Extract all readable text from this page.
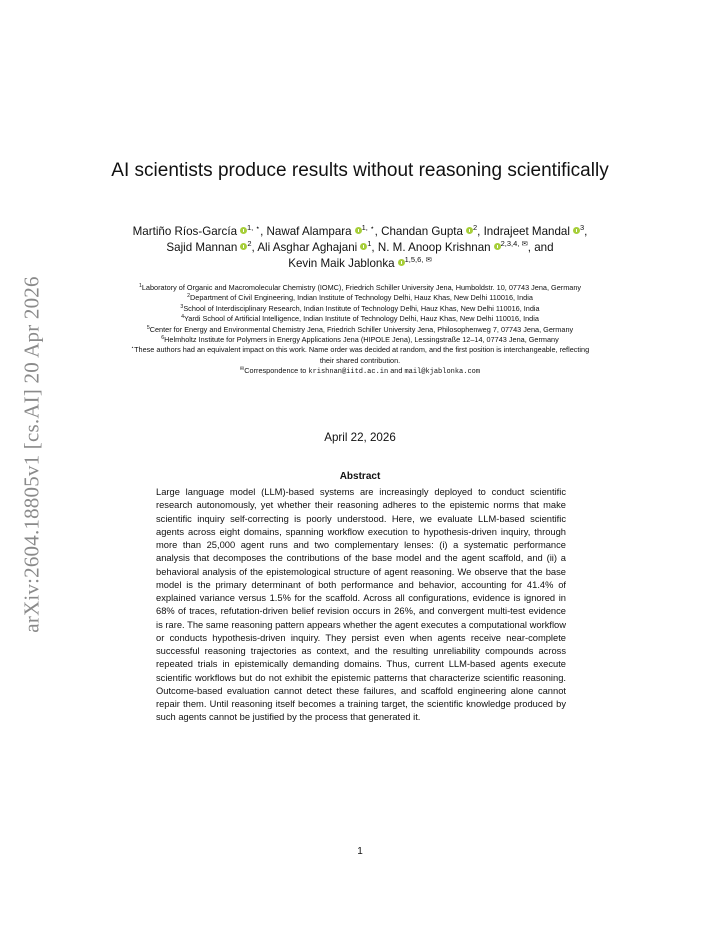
arXiv:2604.18805v1 [cs.AI] 20 Apr 2026
AI scientists produce results without reasoning scientifically
Martiño Ríos-García $^{1, ⋆}$, Nawaf Alampara $^{1, ⋆}$, Chandan Gupta $^2$, Indrajeet Mandal $^3$, Sajid Mannan $^2$, Ali Asghar Aghajani $^1$, N. M. Anoop Krishnan $^{2,3,4, ✉}$, and Kevin Maik Jablonka $^{1,5,6, ✉}$
$^1$Laboratory of Organic and Macromolecular Chemistry (IOMC), Friedrich Schiller University Jena, Humboldstr. 10, 07743 Jena, Germany
$^2$Department of Civil Engineering, Indian Institute of Technology Delhi, Hauz Khas, New Delhi 110016, India
$^3$School of Interdisciplinary Research, Indian Institute of Technology Delhi, Hauz Khas, New Delhi 110016, India
$^4$Yardi School of Artificial Intelligence, Indian Institute of Technology Delhi, Hauz Khas, New Delhi 110016, India
$^5$Center for Energy and Environmental Chemistry Jena, Friedrich Schiller University Jena, Philosophenweg 7, 07743 Jena, Germany
$^6$Helmholtz Institute for Polymers in Energy Applications Jena (HIPOLE Jena), Lessingstraße 12–14, 07743 Jena, Germany
⋆These authors had an equivalent impact on this work. Name order was decided at random, and the first position is interchangeable, reflecting their shared contribution.
✉Correspondence to krishnan@iitd.ac.in and mail@kjablonka.com
April 22, 2026
Abstract
Large language model (LLM)-based systems are increasingly deployed to conduct scientific research autonomously, yet whether their reasoning adheres to the epistemic norms that make scientific inquiry self-correcting is poorly understood. Here, we evaluate LLM-based scientific agents across eight domains, spanning workflow execution to hypothesis-driven inquiry, through more than 25,000 agent runs and two complementary lenses: (i) a systematic performance analysis that decomposes the contributions of the base model and the agent scaffold, and (ii) a behavioral analysis of the epistemological structure of agent reasoning. We observe that the base model is the primary determinant of both performance and behavior, accounting for 41.4% of explained variance versus 1.5% for the scaffold. Across all configurations, evidence is ignored in 68% of traces, refutation-driven belief revision occurs in 26%, and convergent multi-test evidence is rare. The same reasoning pattern appears whether the agent executes a computational workflow or conducts hypothesis-driven inquiry. They persist even when agents receive near-complete successful reasoning trajectories as context, and the resulting unreliability compounds across repeated trials in epistemically demanding domains. Thus, current LLM-based agents execute scientific workflows but do not exhibit the epistemic patterns that characterize scientific reasoning. Outcome-based evaluation cannot detect these failures, and scaffold engineering alone cannot repair them. Until reasoning itself becomes a training target, the scientific knowledge produced by such agents cannot be justified by the process that generated it.
1
